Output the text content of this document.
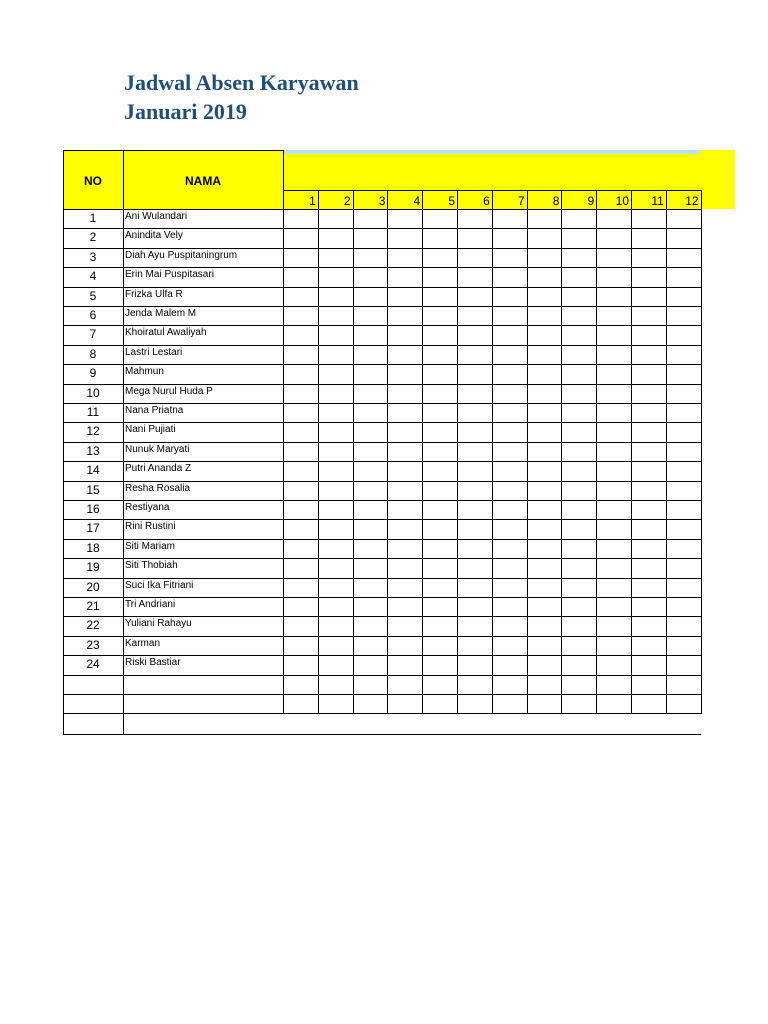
Jadwal Absen Karyawan
Januari 2019
NO	NAMA
1	2	3	4	5	6	7	8	9	10	11	12
1	Ani Wulandari
2	Anindita Vely
3	Diah Ayu Puspitaningrum
4	Erin Mai Puspitasari
5	Frizka Ulfa R
6	Jenda Malem M
7	Khoiratul Awaliyah
8	Lastri Lestari
9	Mahmun
10	Mega Nurul Huda P
11	Nana Priatna
12	Nani Pujiati
13	Nunuk Maryati
14	Putri Ananda Z
15	Resha Rosalia
16	Restiyana
17	Rini Rustini
18	Siti Mariam
19	Siti Thobiah
20	Suci Ika Fitriani
21	Tri Andriani
22	Yuliani Rahayu
23	Karman
24	Riski Bastiar
